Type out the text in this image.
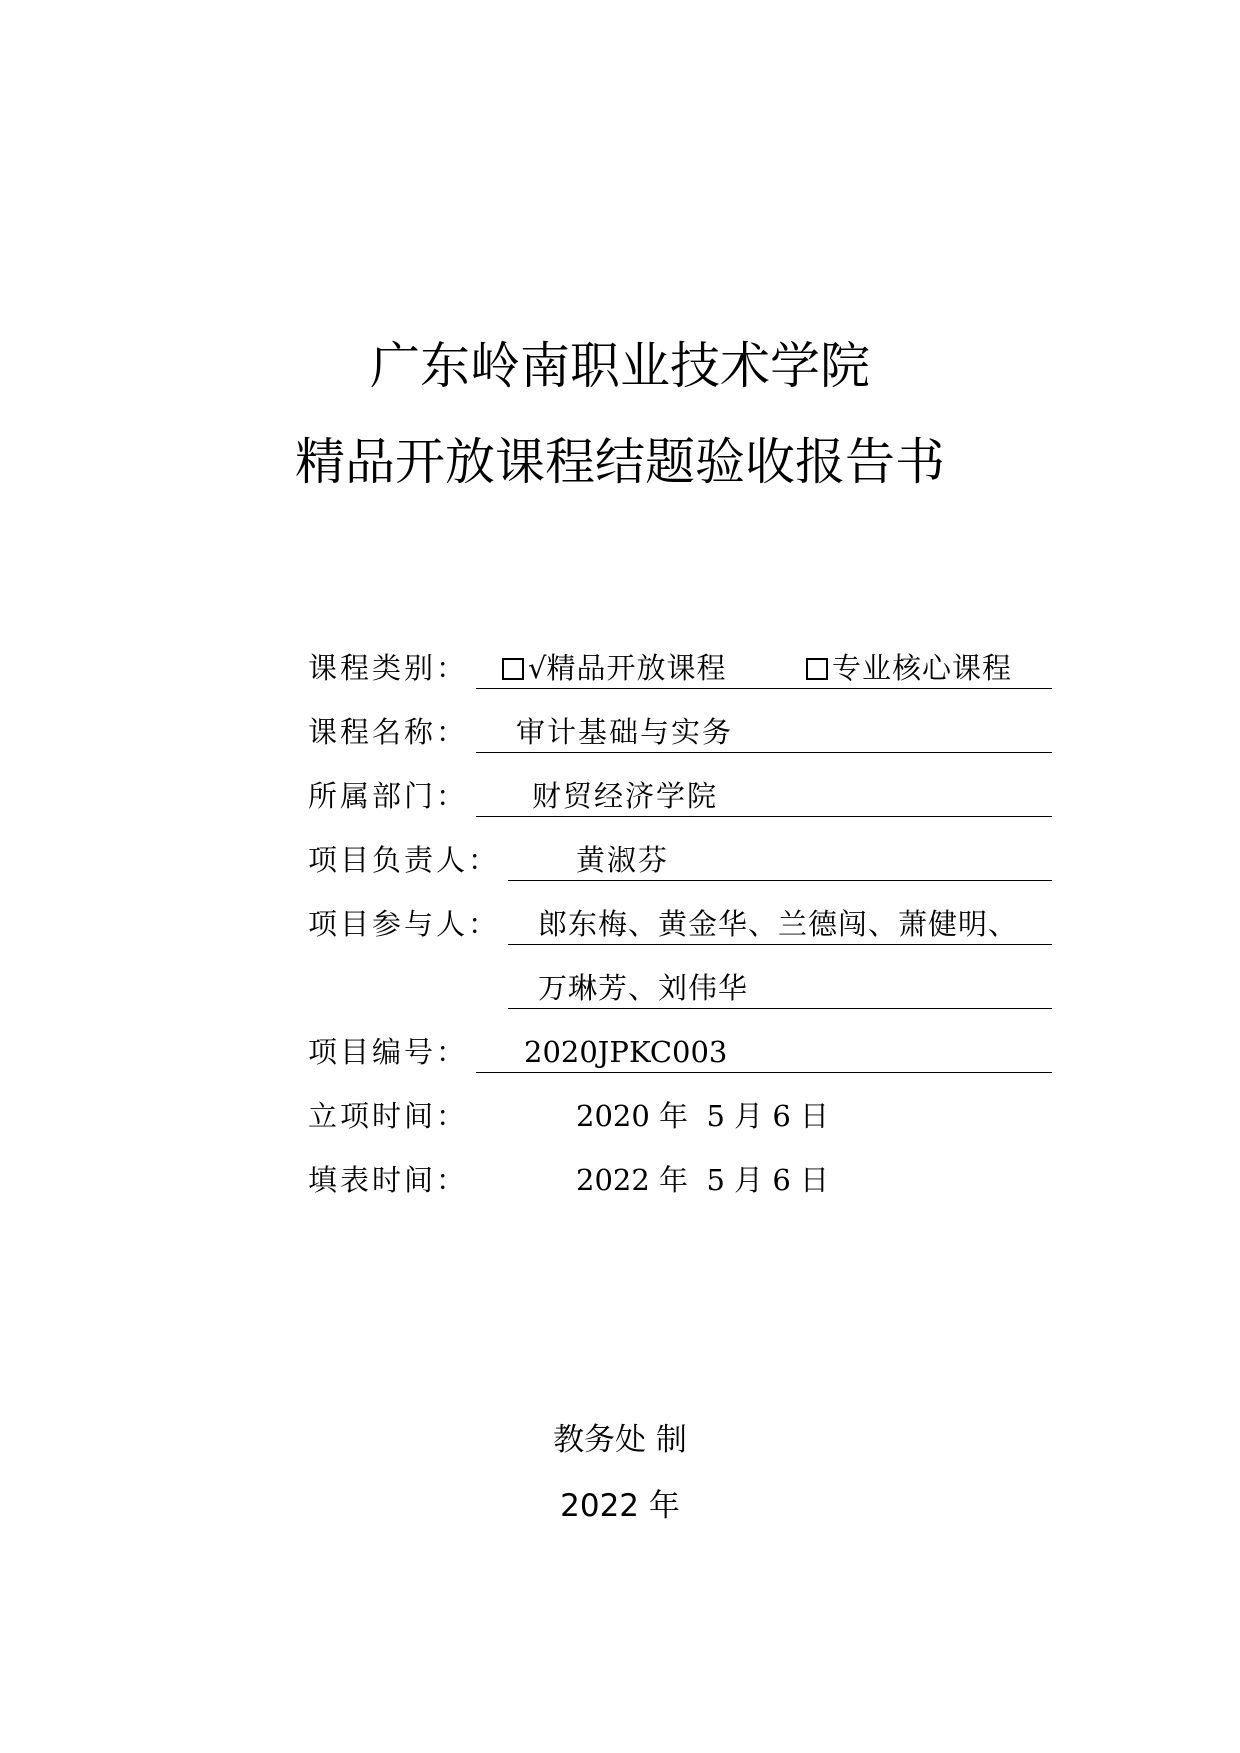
广东岭南职业技术学院
精品开放课程结题验收报告书
课程类别：	√精品开放课程	专业核心课程
课程名称： 审计基础与实务
所属部门： 财贸经济学院
项目负责人：	黄淑芬
项目参与人： 郎东梅、黄金华、兰德闯、萧健明、
万琳芳、刘伟华
项目编号： 2020JPKC003
立项时间：	2020 年  5 月 6 日
填表时间：	2022 年  5 月 6 日
教务处 制
2022 年
